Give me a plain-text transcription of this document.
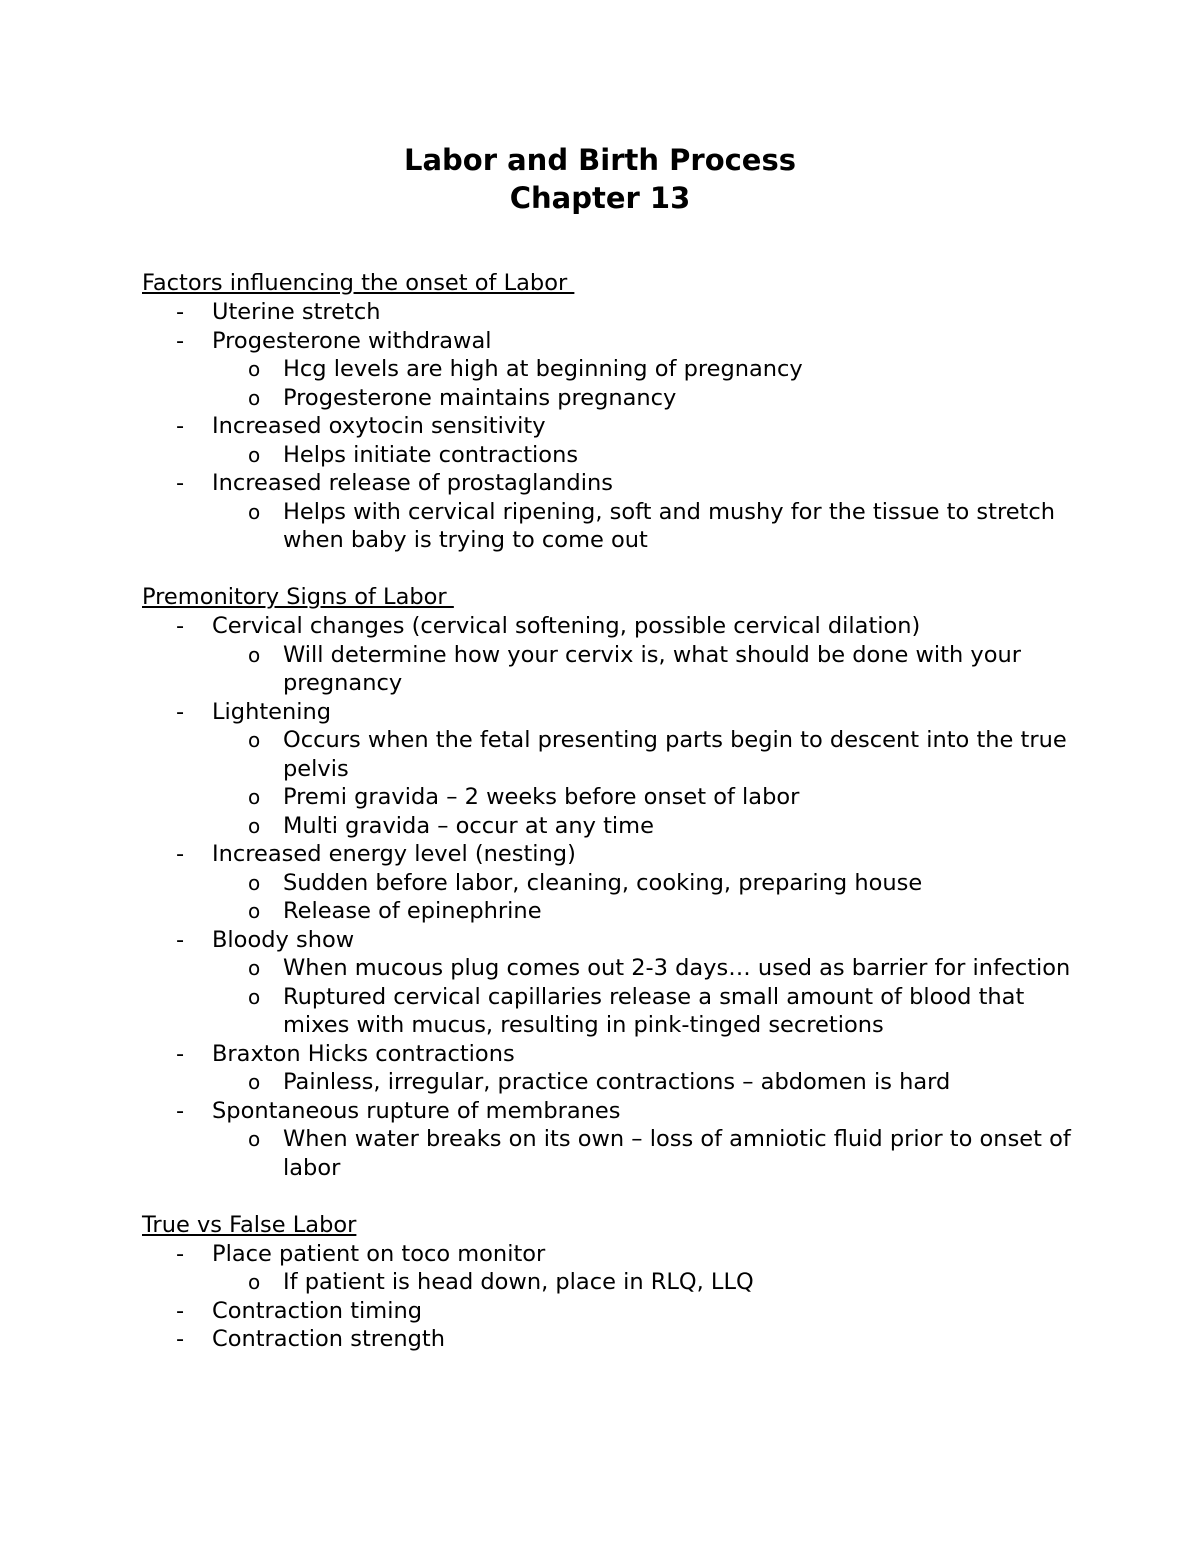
Labor and Birth Process
Chapter 13
Factors influencing the onset of Labor
- Uterine stretch
- Progesterone withdrawal
o Hcg levels are high at beginning of pregnancy
o Progesterone maintains pregnancy
- Increased oxytocin sensitivity
o Helps initiate contractions
- Increased release of prostaglandins
o Helps with cervical ripening, soft and mushy for the tissue to stretch when baby is trying to come out
Premonitory Signs of Labor
- Cervical changes (cervical softening, possible cervical dilation)
o Will determine how your cervix is, what should be done with your pregnancy
- Lightening
o Occurs when the fetal presenting parts begin to descent into the true pelvis
o Premi gravida – 2 weeks before onset of labor
o Multi gravida – occur at any time
- Increased energy level (nesting)
o Sudden before labor, cleaning, cooking, preparing house
o Release of epinephrine
- Bloody show
o When mucous plug comes out 2-3 days… used as barrier for infection
o Ruptured cervical capillaries release a small amount of blood that mixes with mucus, resulting in pink-tinged secretions
- Braxton Hicks contractions
o Painless, irregular, practice contractions – abdomen is hard
- Spontaneous rupture of membranes
o When water breaks on its own – loss of amniotic fluid prior to onset of labor
True vs False Labor
- Place patient on toco monitor
o If patient is head down, place in RLQ, LLQ
- Contraction timing
- Contraction strength
